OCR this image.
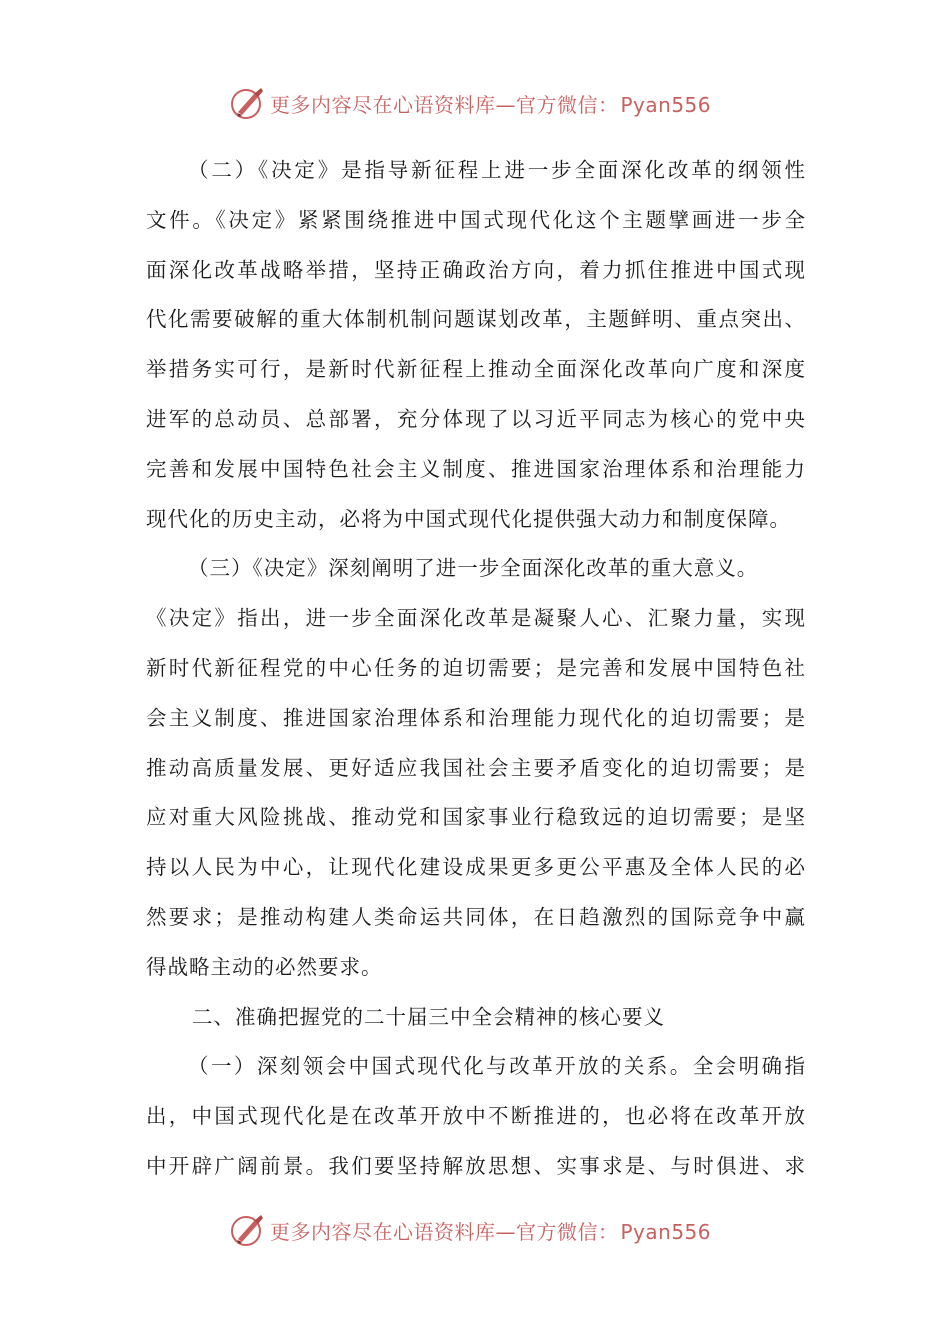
更多内容尽在心语资料库—官方微信： Pyan556
（二）《决定》是指导新征程上进一步全面深化改革的纲领性
文件。《决定》紧紧围绕推进中国式现代化这个主题擘画进一步全
面深化改革战略举措，坚持正确政治方向，着力抓住推进中国式现
代化需要破解的重大体制机制问题谋划改革，主题鲜明、重点突出、
举措务实可行，是新时代新征程上推动全面深化改革向广度和深度
进军的总动员、总部署，充分体现了以习近平同志为核心的党中央
完善和发展中国特色社会主义制度、推进国家治理体系和治理能力
现代化的历史主动，必将为中国式现代化提供强大动力和制度保障。
（三）《决定》深刻阐明了进一步全面深化改革的重大意义。
《决定》指出，进一步全面深化改革是凝聚人心、汇聚力量，实现
新时代新征程党的中心任务的迫切需要；是完善和发展中国特色社
会主义制度、推进国家治理体系和治理能力现代化的迫切需要；是
推动高质量发展、更好适应我国社会主要矛盾变化的迫切需要；是
应对重大风险挑战、推动党和国家事业行稳致远的迫切需要；是坚
持以人民为中心，让现代化建设成果更多更公平惠及全体人民的必
然要求；是推动构建人类命运共同体，在日趋激烈的国际竞争中赢
得战略主动的必然要求。
二、准确把握党的二十届三中全会精神的核心要义
（一）深刻领会中国式现代化与改革开放的关系。全会明确指
出，中国式现代化是在改革开放中不断推进的，也必将在改革开放
中开辟广阔前景。我们要坚持解放思想、实事求是、与时俱进、求
更多内容尽在心语资料库—官方微信： Pyan556
